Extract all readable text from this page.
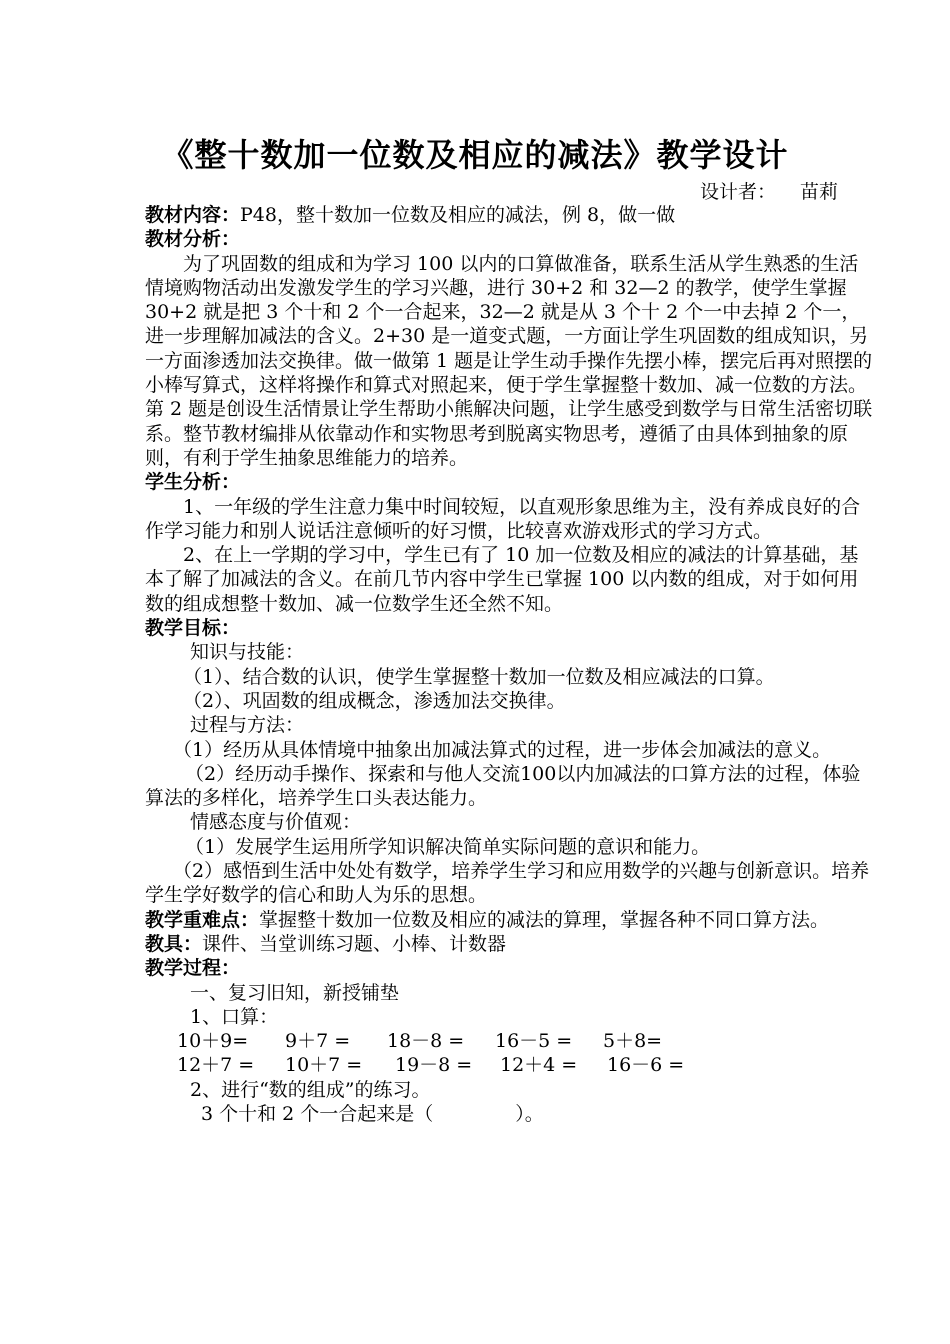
《整十数加一位数及相应的减法》教学设计
设计者： 苗莉

教材内容：P48，整十数加一位数及相应的减法，例 8，做一做

教材分析：

为了巩固数的组成和为学习 100 以内的口算做准备，联系生活从学生熟悉的生活情境购物活动出发激发学生的学习兴趣，进行 30+2 和 32—2 的教学，使学生掌握 30+2 就是把 3 个十和 2 个一合起来，32—2 就是从 3 个十 2 个一中去掉 2 个一，进一步理解加减法的含义。2+30 是一道变式题，一方面让学生巩固数的组成知识，另一方面渗透加法交换律。做一做第 1 题是让学生动手操作先摆小棒，摆完后再对照摆的小棒写算式，这样将操作和算式对照起来，便于学生掌握整十数加、减一位数的方法。第 2 题是创设生活情景让学生帮助小熊解决问题，让学生感受到数学与日常生活密切联系。整节教材编排从依靠动作和实物思考到脱离实物思考，遵循了由具体到抽象的原则，有利于学生抽象思维能力的培养。

学生分析：

1、一年级的学生注意力集中时间较短，以直观形象思维为主，没有养成良好的合作学习能力和别人说话注意倾听的好习惯，比较喜欢游戏形式的学习方式。

2、在上一学期的学习中，学生已有了 10 加一位数及相应的减法的计算基础，基本了解了加减法的含义。在前几节内容中学生已掌握 100 以内数的组成，对于如何用数的组成想整十数加、减一位数学生还全然不知。

教学目标：

知识与技能：

（1）、结合数的认识，使学生掌握整十数加一位数及相应减法的口算。

（2）、巩固数的组成概念，渗透加法交换律。

过程与方法：

（1）经历从具体情境中抽象出加减法算式的过程，进一步体会加减法的意义。

（2）经历动手操作、探索和与他人交流100以内加减法的口算方法的过程，体验算法的多样化，培养学生口头表达能力。

情感态度与价值观：

（1）发展学生运用所学知识解决简单实际问题的意识和能力。

（2）感悟到生活中处处有数学，培养学生学习和应用数学的兴趣与创新意识。培养学生学好数学的信心和助人为乐的思想。

教学重难点：掌握整十数加一位数及相应的减法的算理，掌握各种不同口算方法。

教具：课件、当堂训练习题、小棒、计数器

教学过程：

一、复习旧知，新授铺垫

1、口算：

10＋9= 9＋7 = 18－8 = 16－5 = 5＋8=
12＋7 = 10＋7 = 19－8 = 12＋4 = 16－6 =

2、进行“数的组成”的练习。

3 个十和 2 个一合起来是（	）。
